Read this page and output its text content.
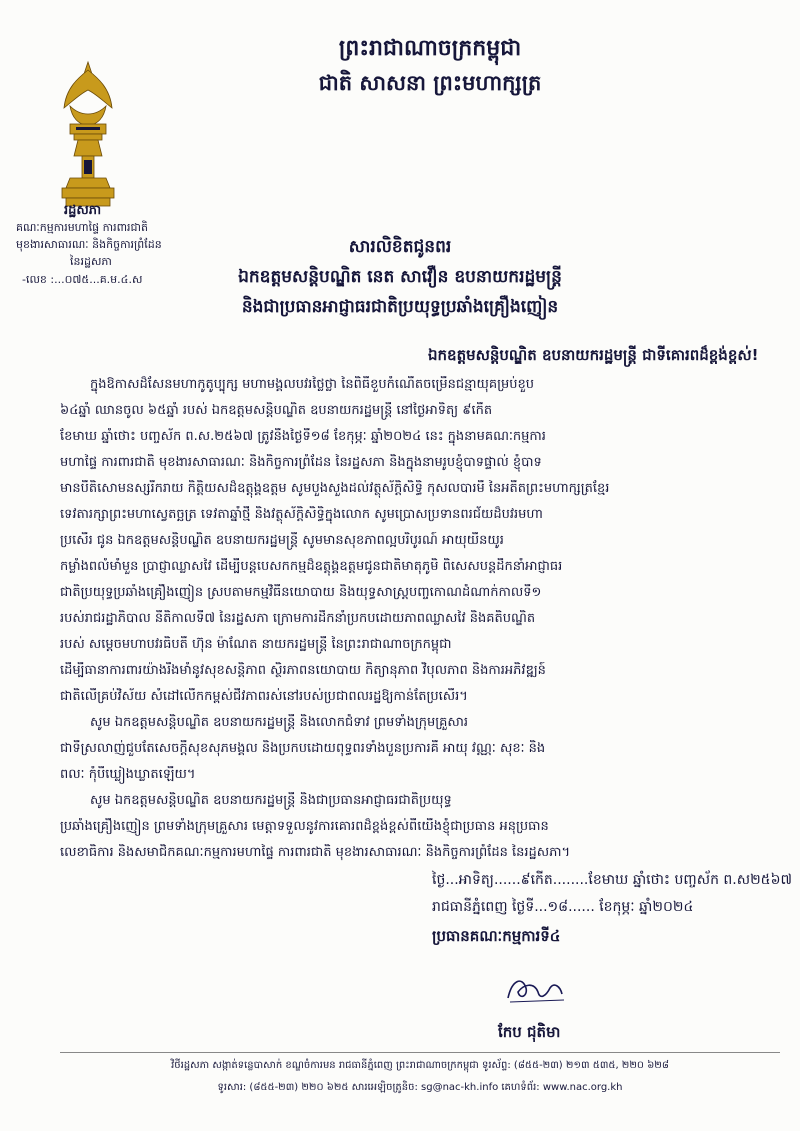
ព្រះរាជាណាចក្រកម្ពុជា
ជាតិ សាសនា ព្រះមហាក្សត្រ
រដ្ឋសភា
គណៈកម្មការមហាផ្ទៃ ការពារជាតិ
មុខងារសាធារណៈ និងកិច្ចការព្រំដែន
នៃរដ្ឋសភា
-លេខ :...០៧៥...គ.ម.៤.ស
សារលិខិតជូនពរ
ឯកឧត្តមសន្តិបណ្ឌិត នេត សាវឿន ឧបនាយករដ្ឋមន្ត្រី
និងជាប្រធានអាជ្ញាធរជាតិប្រយុទ្ធប្រឆាំងគ្រឿងញៀន
ឯកឧត្តមសន្តិបណ្ឌិត ឧបនាយករដ្ឋមន្ត្រី ជាទីគោរពដ៏ខ្ពង់ខ្ពស់!
ក្នុងឱកាសដ៏សែនមហាកូតូប្បុក្ស មហាមង្គលបវរថ្លៃថ្លា នៃពិធីខួបកំណើតចម្រើនជន្មាយុគម្រប់ខួប
៦៤ឆ្នាំ ឈានចូល ៦៥ឆ្នាំ របស់ ឯកឧត្តមសន្តិបណ្ឌិត ឧបនាយករដ្ឋមន្ត្រី នៅថ្ងៃអាទិត្យ ៩កើត
ខែមាឃ ឆ្នាំថោះ បញ្ចស័ក ព.ស.២៥៦៧ ត្រូវនឹងថ្ងៃទី១៨ ខែកុម្ភៈ ឆ្នាំ២០២៤ នេះ ក្នុងនាមគណៈកម្មការ
មហាផ្ទៃ ការពារជាតិ មុខងារសាធារណៈ និងកិច្ចការព្រំដែន នៃរដ្ឋសភា និងក្នុងនាមរូបខ្ញុំបាទផ្ទាល់ ខ្ញុំបាទ
មានបីតិសោមនស្សរីករាយ កិត្តិយសដ៏ឧត្តុង្គឧត្តម សូមបួងសួងដល់វត្ថុស័ក្តិសិទ្ធិ កុសលបារមី នៃអតីតព្រះមហាក្សត្រខ្មែរ
ទេវតារក្សាព្រះមហាស្វេតច្ឆត្រ ទេវតាឆ្នាំថ្មី និងវត្ថុស័ក្តិសិទ្ធិក្នុងលោក សូមប្រោសប្រទានពរជ័យដ៏បវរមហា
ប្រសើរ ជូន ឯកឧត្តមសន្តិបណ្ឌិត ឧបនាយករដ្ឋមន្ត្រី សូមមានសុខភាពល្អបរិបូរណ៍ អាយុយឺនយូរ
កម្លាំងពលំមាំមួន ប្រាជ្ញាឈ្លាសវៃ ដើម្បីបន្តបេសកកម្មដ៏ឧត្តុង្គឧត្តមជូនជាតិមាតុភូមិ ពិសេសបន្តដឹកនាំអាជ្ញាធរ
ជាតិប្រយុទ្ធប្រឆាំងគ្រឿងញៀន ស្របតាមកម្មវិធីនយោបាយ និងយុទ្ធសាស្ត្របញ្ចកោណដំណាក់កាលទី១
របស់រាជរដ្ឋាភិបាល នីតិកាលទី៧ នៃរដ្ឋសភា ក្រោមការដឹកនាំប្រកបដោយភាពឈ្លាសវៃ និងគតិបណ្ឌិត
របស់ សម្តេចមហាបវរធិបតី ហ៊ុន ម៉ាណែត នាយករដ្ឋមន្ត្រី នៃព្រះរាជាណាចក្រកម្ពុជា
ដើម្បីធានាការពារយ៉ាងរឹងមាំនូវសុខសន្តិភាព ស្ថិរភាពនយោបាយ កិត្យានុភាព វិបុលភាព និងការអភិវឌ្ឍន៍
ជាតិលើគ្រប់វិស័យ សំដៅលើកកម្ពស់ជីវភាពរស់នៅរបស់ប្រជាពលរដ្ឋឱ្យកាន់តែប្រសើរ។
សូម ឯកឧត្តមសន្តិបណ្ឌិត ឧបនាយករដ្ឋមន្ត្រី និងលោកជំទាវ ព្រមទាំងក្រុមគ្រួសារ
ជាទីស្រលាញ់ជួបតែសេចក្តីសុខសុភមង្គល និងប្រកបដោយពុទ្ធពរទាំងបួនប្រការគឺ អាយុ វណ្ណៈ សុខៈ និង
ពលៈ កុំបីឃ្លៀងឃ្លាតឡើយ។
សូម ឯកឧត្តមសន្តិបណ្ឌិត ឧបនាយករដ្ឋមន្ត្រី និងជាប្រធានអាជ្ញាធរជាតិប្រយុទ្ធ
ប្រឆាំងគ្រឿងញៀន ព្រមទាំងក្រុមគ្រួសារ មេត្តាទទួលនូវការគោរពដ៏ខ្ពង់ខ្ពស់ពីយើងខ្ញុំជាប្រធាន អនុប្រធាន
លេខាធិការ និងសមាជិកគណៈកម្មការមហាផ្ទៃ ការពារជាតិ មុខងារសាធារណៈ និងកិច្ចការព្រំដែន នៃរដ្ឋសភា។
ថ្ងៃ...អាទិត្យ......៩កើត........ខែមាឃ ឆ្នាំថោះ បញ្ចស័ក ព.ស២៥៦៧
រាជធានីភ្នំពេញ ថ្ងៃទី...១៨...... ខែកុម្ភៈ ឆ្នាំ២០២៤
ប្រធានគណៈកម្មការទី៤
កែប ជុតិមា
វិថីរដ្ឋសភា សង្កាត់ទន្លេបាសាក់ ខណ្ឌចំការមន រាជធានីភ្នំពេញ ព្រះរាជាណាចក្រកម្ពុជា ទូរស័ព្ទ: (៨៥៥-២៣) ២១៣ ៥៣៥, ២២០ ៦២៨
ទូរសារ: (៨៥៥-២៣) ២២០ ៦២៥ សារអេឡិចត្រូនិច: sg@nac-kh.info គេហទំព័រ: www.nac.org.kh
